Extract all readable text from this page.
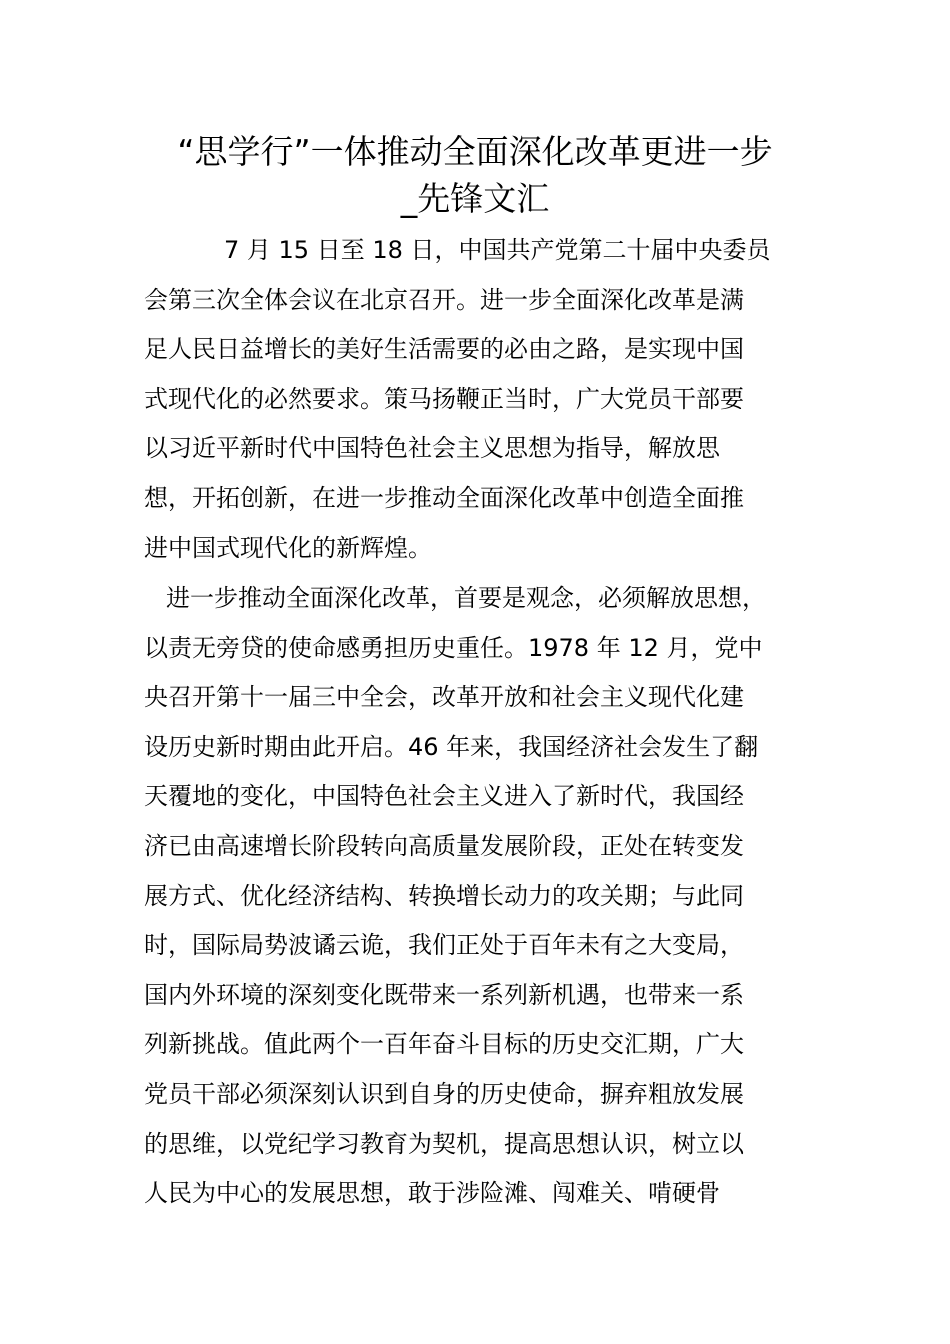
“思学行”一体推动全面深化改革更进一步
_先锋文汇
7 月 15 日至 18 日，中国共产党第二十届中央委员
会第三次全体会议在北京召开。进一步全面深化改革是满
足人民日益增长的美好生活需要的必由之路，是实现中国
式现代化的必然要求。策马扬鞭正当时，广大党员干部要
以习近平新时代中国特色社会主义思想为指导，解放思
想，开拓创新，在进一步推动全面深化改革中创造全面推
进中国式现代化的新辉煌。
进一步推动全面深化改革，首要是观念，必须解放思想，
以责无旁贷的使命感勇担历史重任。1978 年 12 月，党中
央召开第十一届三中全会，改革开放和社会主义现代化建
设历史新时期由此开启。46 年来，我国经济社会发生了翻
天覆地的变化，中国特色社会主义进入了新时代，我国经
济已由高速增长阶段转向高质量发展阶段，正处在转变发
展方式、优化经济结构、转换增长动力的攻关期；与此同
时，国际局势波谲云诡，我们正处于百年未有之大变局，
国内外环境的深刻变化既带来一系列新机遇，也带来一系
列新挑战。值此两个一百年奋斗目标的历史交汇期，广大
党员干部必须深刻认识到自身的历史使命，摒弃粗放发展
的思维，以党纪学习教育为契机，提高思想认识，树立以
人民为中心的发展思想，敢于涉险滩、闯难关、啃硬骨
